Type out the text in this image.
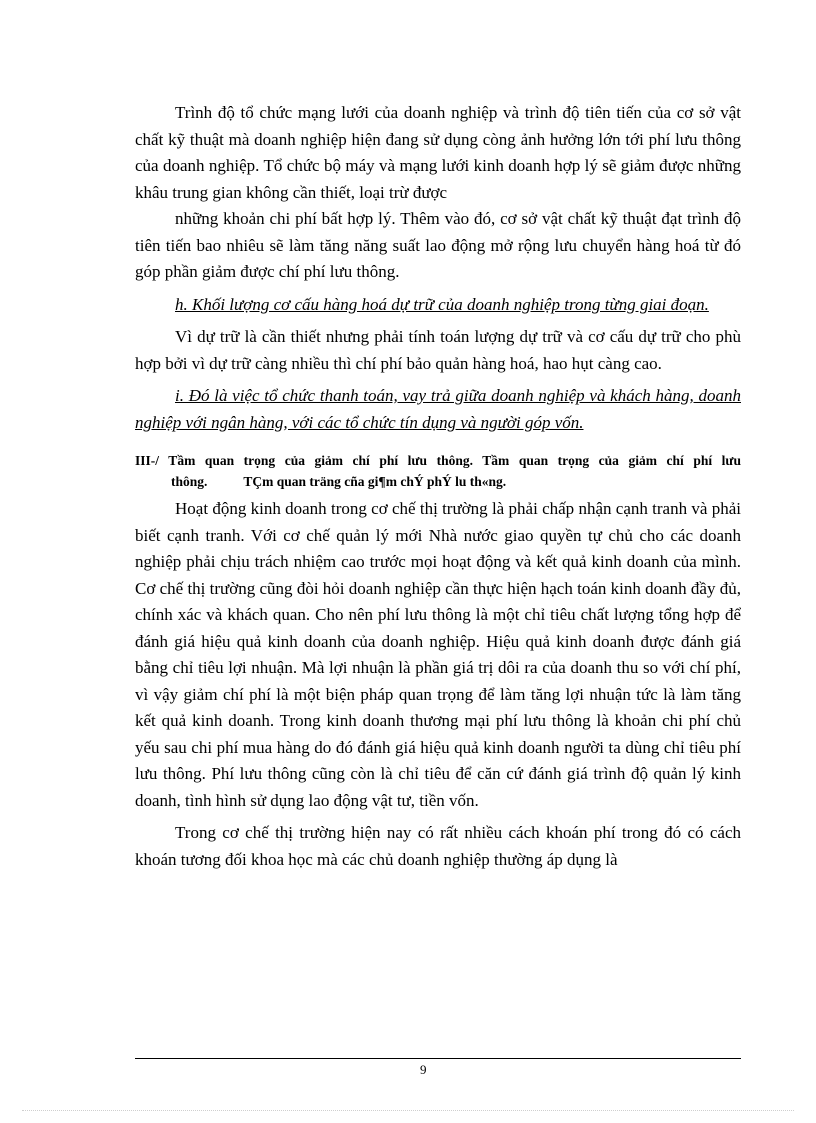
Trình độ tổ chức mạng lưới của doanh nghiệp và trình độ tiên tiến của cơ sở vật chất kỹ thuật mà doanh nghiệp hiện đang sử dụng còng ảnh hưởng lớn tới phí lưu thông của doanh nghiệp. Tổ chức bộ máy và mạng lưới kinh doanh hợp lý sẽ giảm được những khâu trung gian không cần thiết, loại trừ được

những khoản chi phí bất hợp lý. Thêm vào đó, cơ sở vật chất kỹ thuật đạt trình độ tiên tiến bao nhiêu sẽ làm tăng năng suất lao động mở rộng lưu chuyển hàng hoá từ đó góp phần giảm được chí phí lưu thông.

h. Khối lượng cơ cấu hàng hoá dự trữ của doanh nghiệp trong từng giai đoạn.

Vì dự trữ là cần thiết nhưng phải tính toán lượng dự trữ và cơ cấu dự trữ cho phù hợp bởi vì dự trữ càng nhiều thì chí phí bảo quản hàng hoá, hao hụt càng cao.

i. Đó là việc tổ chức thanh toán, vay trả giữa doanh nghiệp và khách hàng, doanh nghiệp với ngân hàng, với các tổ chức tín dụng và người góp vốn.

III-/ Tầm quan trọng của giảm chí phí lưu thông. Tầm quan trọng của giảm chí phí lưu thông.	TÇm quan träng cña gi¶m chÝ phÝ lu th«ng.

Hoạt động kinh doanh trong cơ chế thị trường là phải chấp nhận cạnh tranh và phải biết cạnh tranh. Với cơ chế quản lý mới Nhà nước giao quyền tự chủ cho các doanh nghiệp phải chịu trách nhiệm cao trước mọi hoạt động và kết quả kinh doanh của mình. Cơ chế thị trường cũng đòi hỏi doanh nghiệp cần thực hiện hạch toán kinh doanh đầy đủ, chính xác và khách quan. Cho nên phí lưu thông là một chỉ tiêu chất lượng tổng hợp để đánh giá hiệu quả kinh doanh của doanh nghiệp. Hiệu quả kinh doanh được đánh giá bằng chỉ tiêu lợi nhuận. Mà lợi nhuận là phần giá trị dôi ra của doanh thu so với chí phí, vì vậy giảm chí phí là một biện pháp quan trọng để làm tăng lợi nhuận tức là làm tăng kết quả kinh doanh. Trong kinh doanh thương mại phí lưu thông là khoản chi phí chủ yếu sau chi phí mua hàng do đó đánh giá hiệu quả kinh doanh người ta dùng chỉ tiêu phí lưu thông. Phí lưu thông cũng còn là chỉ tiêu để căn cứ đánh giá trình độ quản lý kinh doanh, tình hình sử dụng lao động vật tư, tiền vốn.

Trong cơ chế thị trường hiện nay có rất nhiều cách khoán phí trong đó có cách khoán tương đối khoa học mà các chủ doanh nghiệp thường áp dụng là

9
